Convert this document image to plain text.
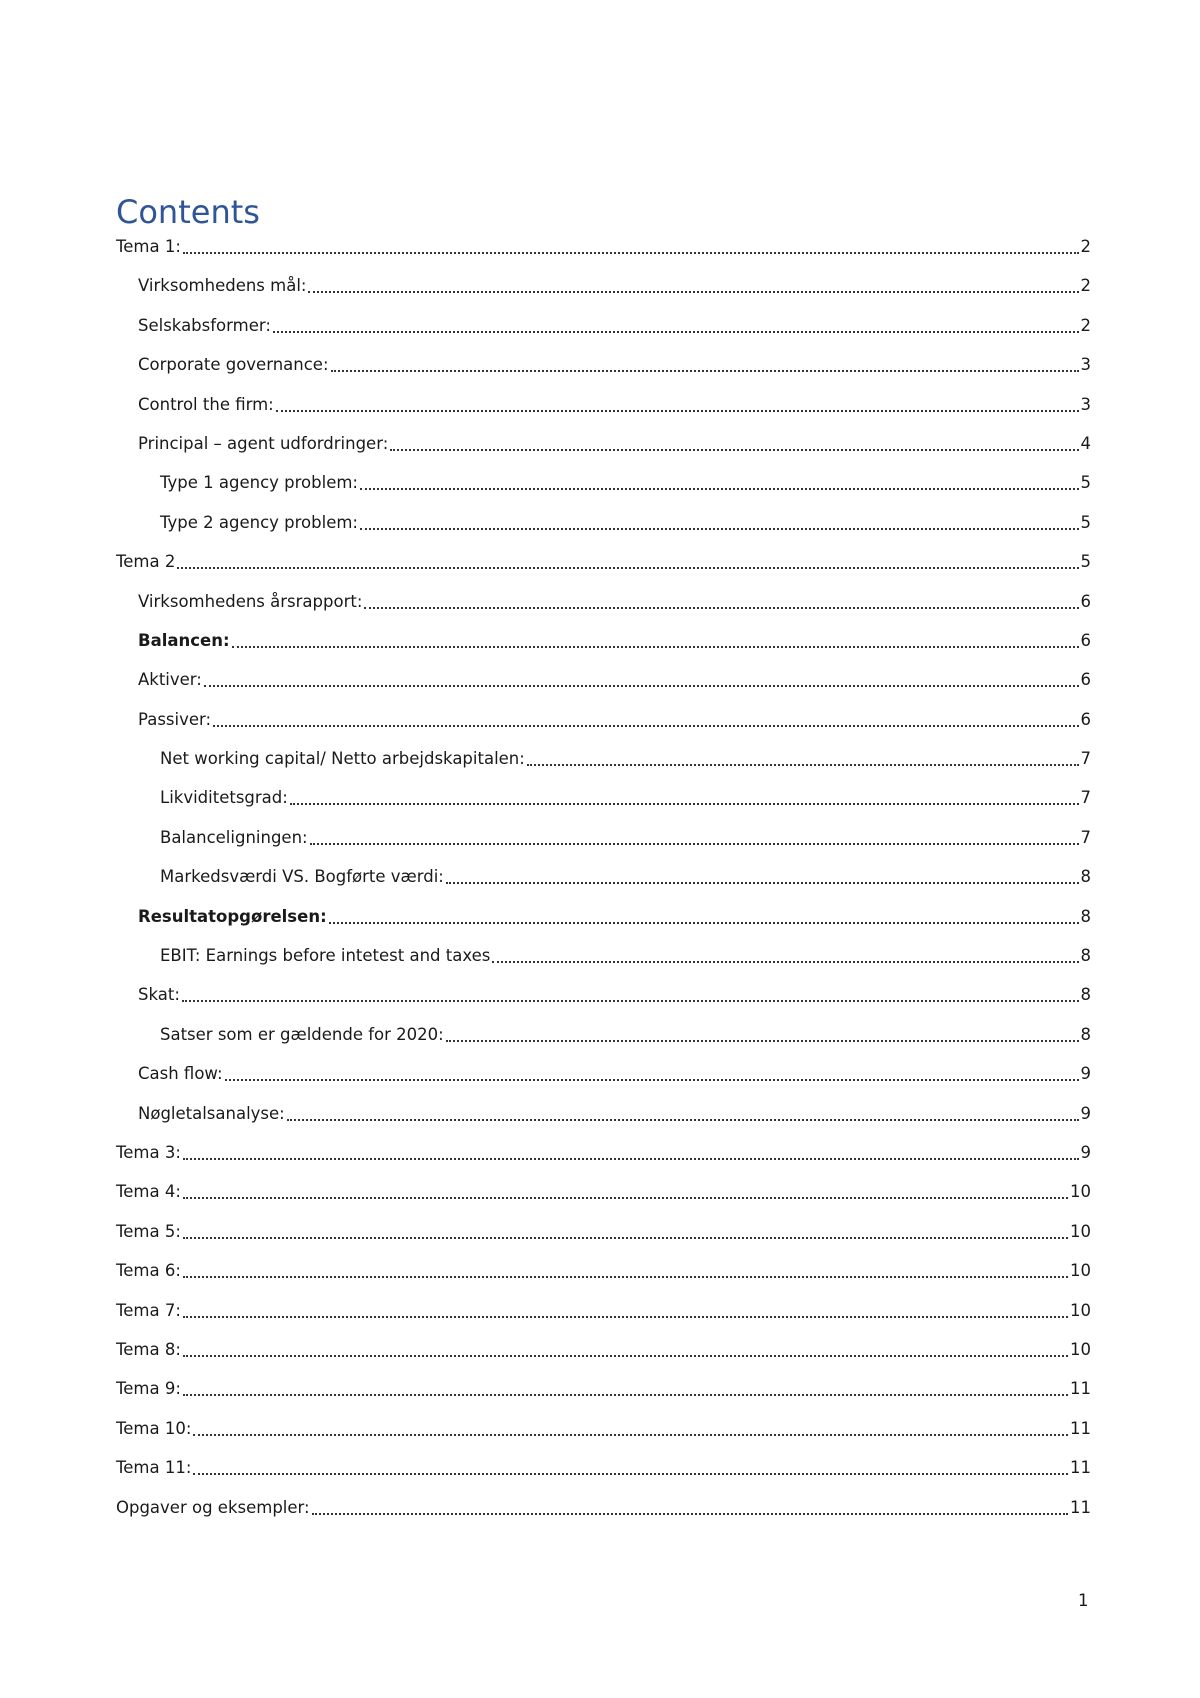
Contents
Tema 1:	2
Virksomhedens mål:	2
Selskabsformer:	2
Corporate governance:	3
Control the firm:	3
Principal – agent udfordringer:	4
Type 1 agency problem:	5
Type 2 agency problem:	5
Tema 2	5
Virksomhedens årsrapport:	6
Balancen:	6
Aktiver:	6
Passiver:	6
Net working capital/ Netto arbejdskapitalen:	7
Likviditetsgrad:	7
Balanceligningen:	7
Markedsværdi VS. Bogførte værdi:	8
Resultatopgørelsen:	8
EBIT: Earnings before intetest and taxes	8
Skat:	8
Satser som er gældende for 2020:	8
Cash flow:	9
Nøgletalsanalyse:	9
Tema 3:	9
Tema 4:	10
Tema 5:	10
Tema 6:	10
Tema 7:	10
Tema 8:	10
Tema 9:	11
Tema 10:	11
Tema 11:	11
Opgaver og eksempler:	11
1
